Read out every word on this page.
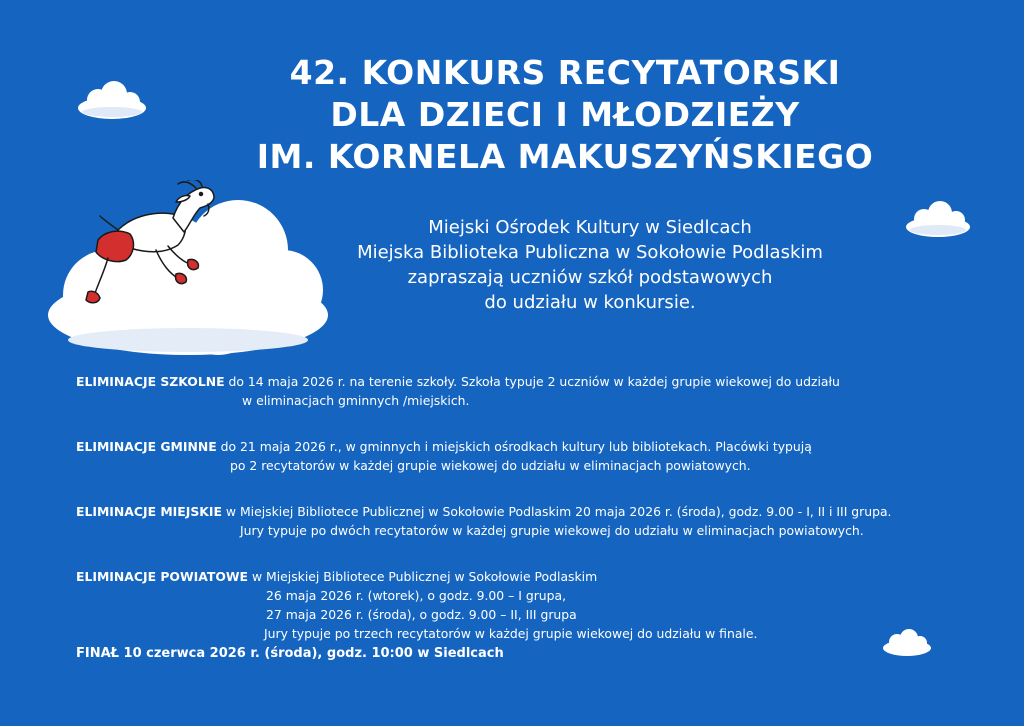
42. KONKURS RECYTATORSKI
DLA DZIECI I MŁODZIEŻY
IM. KORNELA MAKUSZYŃSKIEGO
Miejski Ośrodek Kultury w Siedlcach
Miejska Biblioteka Publiczna w Sokołowie Podlaskim
zapraszają uczniów szkół podstawowych
do udziału w konkursie.
ELIMINACJE SZKOLNE do 14 maja 2026 r. na terenie szkoły. Szkoła typuje 2 uczniów w każdej grupie wiekowej do udziału
w eliminacjach gminnych /miejskich.
ELIMINACJE GMINNE do 21 maja 2026 r., w gminnych i miejskich ośrodkach kultury lub bibliotekach. Placówki typują
po 2 recytatorów w każdej grupie wiekowej do udziału w eliminacjach powiatowych.
ELIMINACJE MIEJSKIE w Miejskiej Bibliotece Publicznej w Sokołowie Podlaskim 20 maja 2026 r. (środa), godz. 9.00 - I, II i III grupa.
Jury typuje po dwóch recytatorów w każdej grupie wiekowej do udziału w eliminacjach powiatowych.
ELIMINACJE POWIATOWE w Miejskiej Bibliotece Publicznej w Sokołowie Podlaskim
26 maja 2026 r. (wtorek), o godz. 9.00 – I grupa,
27 maja 2026 r. (środa), o godz. 9.00 – II, III grupa
Jury typuje po trzech recytatorów w każdej grupie wiekowej do udziału w finale.
FINAŁ 10 czerwca 2026 r. (środa), godz. 10:00 w Siedlcach
